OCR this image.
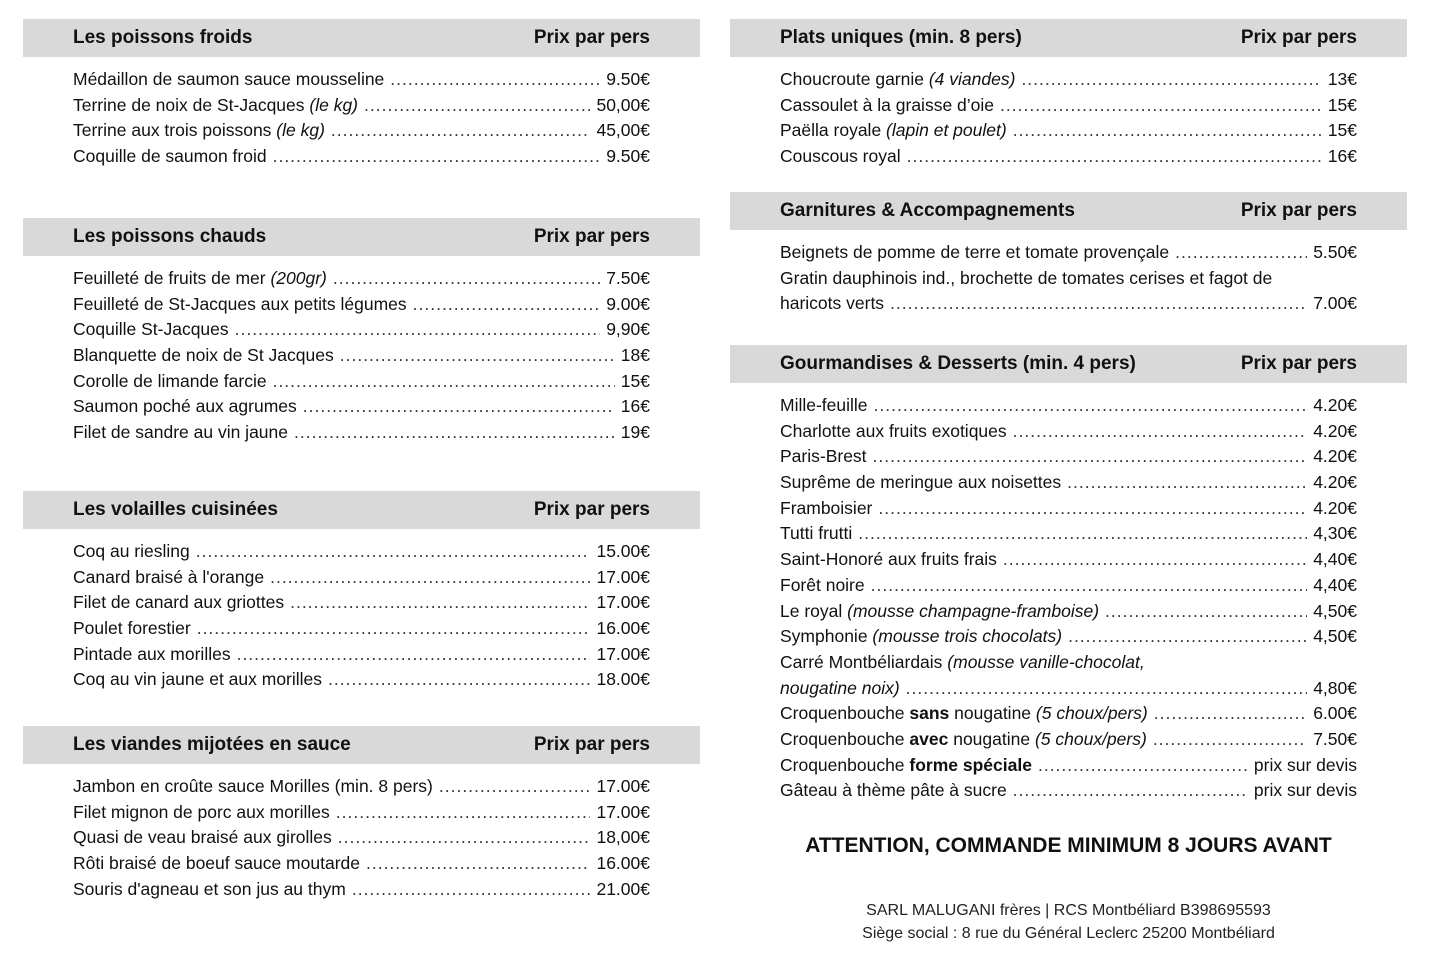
Les poissons froids	Prix par pers
Médaillon de saumon sauce mousseline .....	9.50€
Terrine de noix de St-Jacques (le kg) .....	50,00€
Terrine aux trois poissons (le kg) .....	45,00€
Coquille de saumon froid .....	9.50€
Les poissons chauds	Prix par pers
Feuilleté de fruits de mer (200gr) .....	7.50€
Feuilleté de St-Jacques aux petits légumes .....	9.00€
Coquille St-Jacques .....	9,90€
Blanquette de noix de St Jacques .....	18€
Corolle de limande farcie .....	15€
Saumon poché aux agrumes .....	16€
Filet de sandre au vin jaune .....	19€
Les volailles cuisinées	Prix par pers
Coq au riesling .....	15.00€
Canard braisé à l'orange .....	17.00€
Filet de canard aux griottes .....	17.00€
Poulet forestier .....	16.00€
Pintade aux morilles .....	17.00€
Coq au vin jaune et aux morilles .....	18.00€
Les viandes mijotées en sauce	Prix par pers
Jambon en croûte sauce Morilles (min. 8 pers) .....	17.00€
Filet mignon de porc aux morilles .....	17.00€
Quasi de veau braisé aux girolles .....	18,00€
Rôti braisé de boeuf sauce moutarde .....	16.00€
Souris d'agneau et son jus au thym .....	21.00€
Plats uniques (min. 8 pers)	Prix par pers
Choucroute garnie (4 viandes) .....	13€
Cassoulet à la graisse d’oie .....	15€
Paëlla royale (lapin et poulet) .....	15€
Couscous royal .....	16€
Garnitures & Accompagnements	Prix par pers
Beignets de pomme de terre et tomate provençale .....	5.50€
Gratin dauphinois ind., brochette de tomates cerises et fagot de
haricots verts .....	7.00€
Gourmandises & Desserts (min. 4 pers)	Prix par pers
Mille-feuille .....	4.20€
Charlotte aux fruits exotiques .....	4.20€
Paris-Brest .....	4.20€
Suprême de meringue aux noisettes .....	4.20€
Framboisier .....	4.20€
Tutti frutti .....	4,30€
Saint-Honoré aux fruits frais .....	4,40€
Forêt noire .....	4,40€
Le royal (mousse champagne-framboise) .....	4,50€
Symphonie (mousse trois chocolats) .....	4,50€
Carré Montbéliardais (mousse vanille-chocolat,
nougatine noix) .....	4,80€
Croquenbouche sans nougatine (5 choux/pers) .....	6.00€
Croquenbouche avec nougatine (5 choux/pers) .....	7.50€
Croquenbouche forme spéciale .....	prix sur devis
Gâteau à thème pâte à sucre .....	prix sur devis
ATTENTION, COMMANDE MINIMUM 8 JOURS AVANT
SARL MALUGANI frères | RCS Montbéliard B398695593
Siège social : 8 rue du Général Leclerc 25200 Montbéliard
